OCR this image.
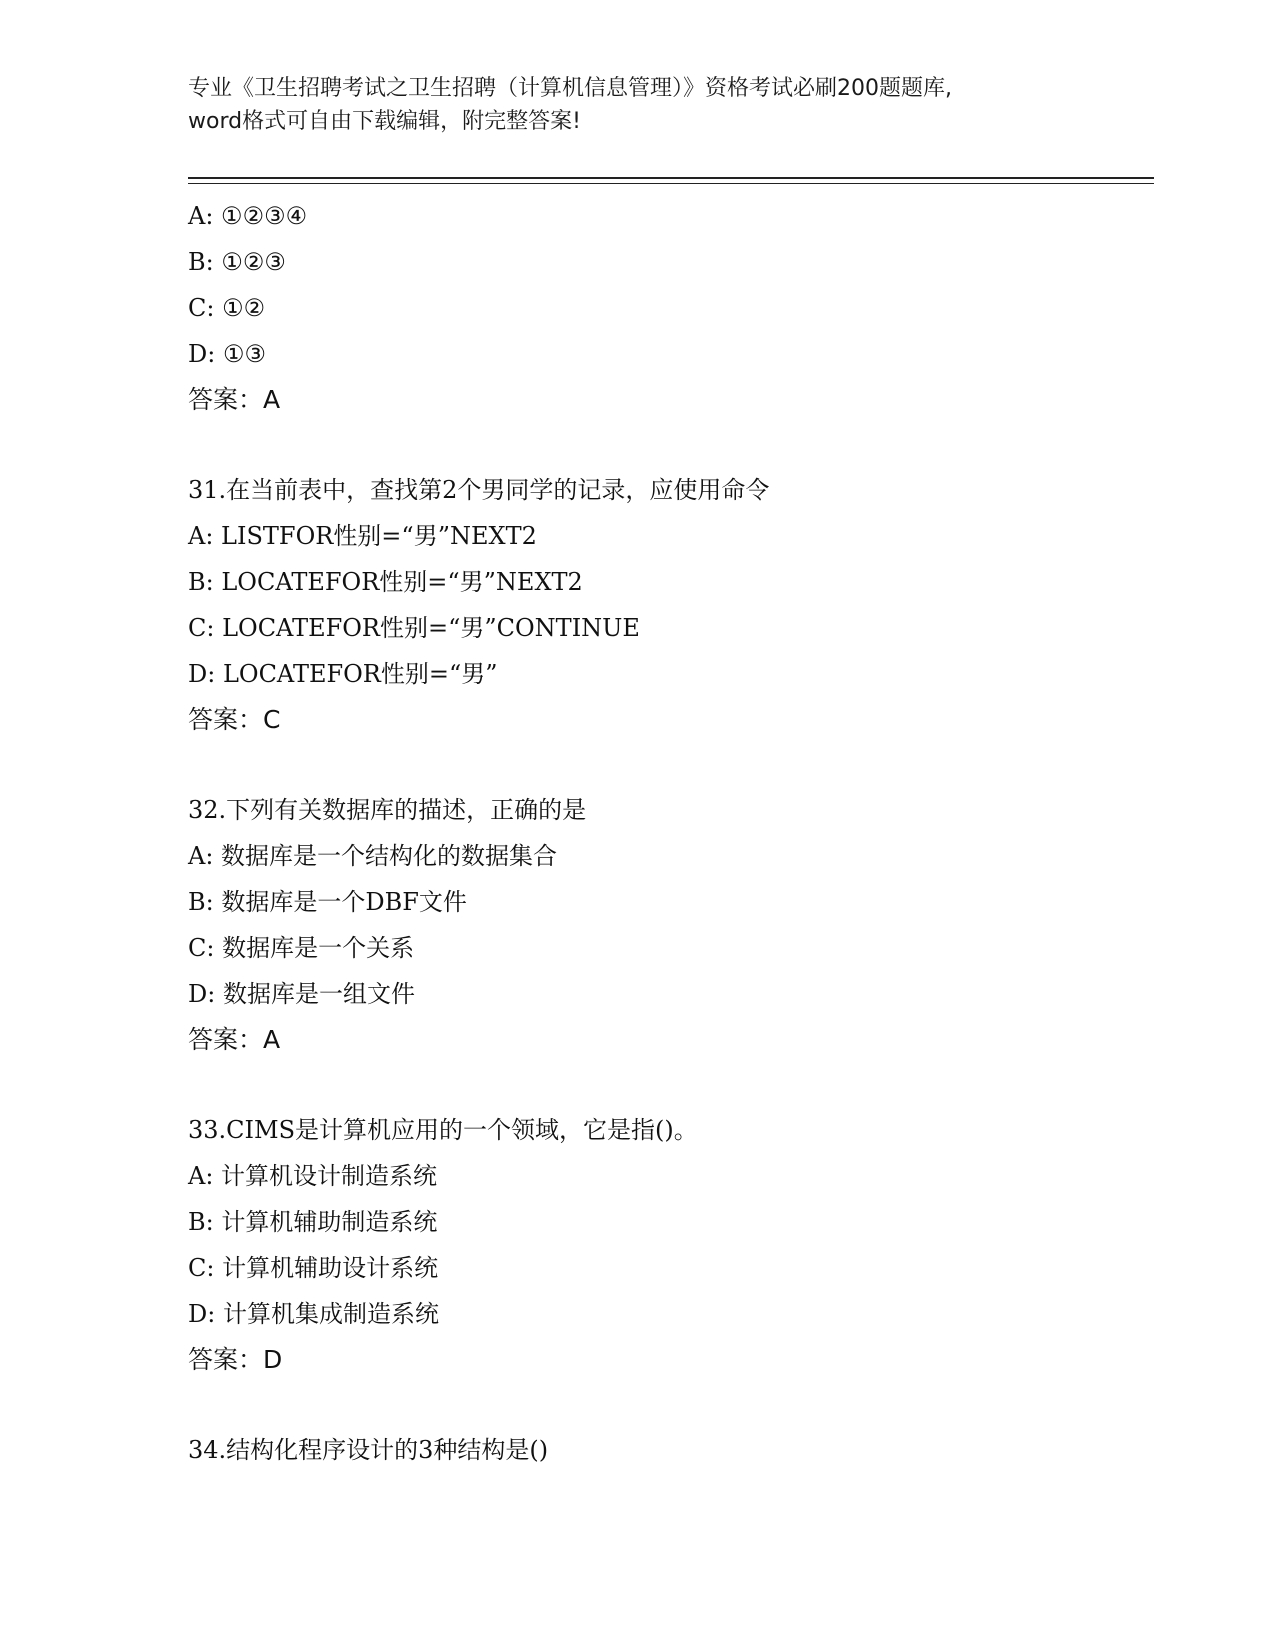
专业《卫生招聘考试之卫生招聘（计算机信息管理）》资格考试必刷200题题库,
word格式可自由下载编辑，附完整答案!
A: ①②③④
B: ①②③
C: ①②
D: ①③
答案：A
31.在当前表中，查找第2个男同学的记录，应使用命令
A: LISTFOR性别=“男”NEXT2
B: LOCATEFOR性别=“男”NEXT2
C: LOCATEFOR性别=“男”CONTINUE
D: LOCATEFOR性别=“男”
答案：C
32.下列有关数据库的描述，正确的是
A: 数据库是一个结构化的数据集合
B: 数据库是一个DBF文件
C: 数据库是一个关系
D: 数据库是一组文件
答案：A
33.CIMS是计算机应用的一个领域，它是指()。
A: 计算机设计制造系统
B: 计算机辅助制造系统
C: 计算机辅助设计系统
D: 计算机集成制造系统
答案：D
34.结构化程序设计的3种结构是()
